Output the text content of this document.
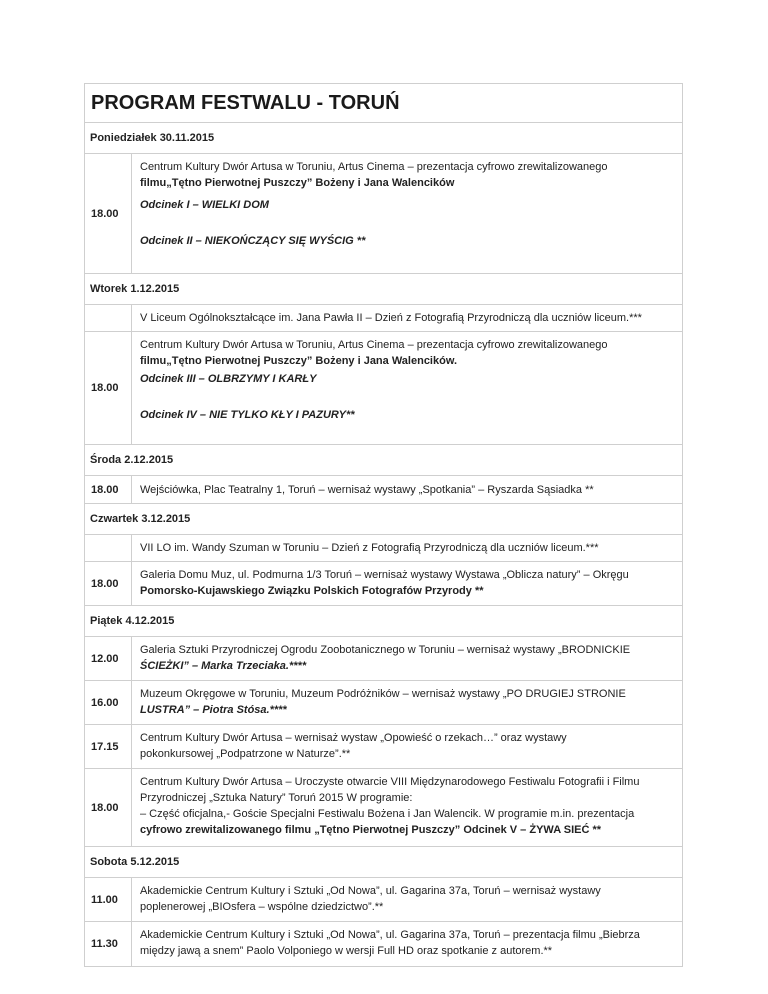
PROGRAM FESTWALU - TORUŃ
Poniedziałek 30.11.2015
18.00

Centrum Kultury Dwór Artusa w Toruniu, Artus Cinema – prezentacja cyfrowo zrewitalizowanego

filmu„Tętno Pierwotnej Puszczy” Bożeny i Jana Walencików

Odcinek I – WIELKI DOM

Odcinek II – NIEKOŃCZĄCY SIĘ WYŚCIG **

Wtorek 1.12.2015

V Liceum Ogólnokształcące im. Jana Pawła II – Dzień z Fotografią Przyrodniczą dla uczniów liceum.***

18.00

Centrum Kultury Dwór Artusa w Toruniu, Artus Cinema – prezentacja cyfrowo zrewitalizowanego

filmu„Tętno Pierwotnej Puszczy” Bożeny i Jana Walencików.

Odcinek III – OLBRZYMY I KARŁY

Odcinek IV – NIE TYLKO KŁY I PAZURY**

Środa 2.12.2015
18.00	Wejściówka, Plac Teatralny 1, Toruń – wernisaż wystawy „Spotkania” – Ryszarda Sąsiadka **

Czwartek 3.12.2015

VII LO im. Wandy Szuman w Toruniu – Dzień z Fotografią Przyrodniczą dla uczniów liceum.***

18.00

Galeria Domu Muz, ul. Podmurna 1/3 Toruń – wernisaż wystawy Wystawa „Oblicza natury” – Okręgu

Pomorsko-Kujawskiego Związku Polskich Fotografów Przyrody **

Piątek 4.12.2015
12.00

Galeria Sztuki Przyrodniczej Ogrodu Zoobotanicznego w Toruniu – wernisaż wystawy „BRODNICKIE

ŚCIEŻKI” – Marka Trzeciaka.****

16.00

Muzeum Okręgowe w Toruniu, Muzeum Podróżników – wernisaż wystawy „PO DRUGIEJ STRONIE

LUSTRA” – Piotra Stósa.****

17.15

Centrum Kultury Dwór Artusa – wernisaż wystaw „Opowieść o rzekach…” oraz wystawy

pokonkursowej „Podpatrzone w Naturze”.**

18.00

Centrum Kultury Dwór Artusa – Uroczyste otwarcie VIII Międzynarodowego Festiwalu Fotografii i Filmu

Przyrodniczej „Sztuka Natury” Toruń 2015 W programie:

– Część oficjalna,- Goście Specjalni Festiwalu Bożena i Jan Walencik. W programie m.in. prezentacja

cyfrowo zrewitalizowanego filmu „Tętno Pierwotnej Puszczy” Odcinek V – ŻYWA SIEĆ **

Sobota 5.12.2015
11.00

Akademickie Centrum Kultury i Sztuki „Od Nowa”, ul. Gagarina 37a, Toruń – wernisaż wystawy

poplenerowej „BIOsfera – wspólne dziedzictwo”.**

11.30

Akademickie Centrum Kultury i Sztuki „Od Nowa”, ul. Gagarina 37a, Toruń – prezentacja filmu „Biebrza

między jawą a snem” Paolo Volponiego w wersji Full HD oraz spotkanie z autorem.**
